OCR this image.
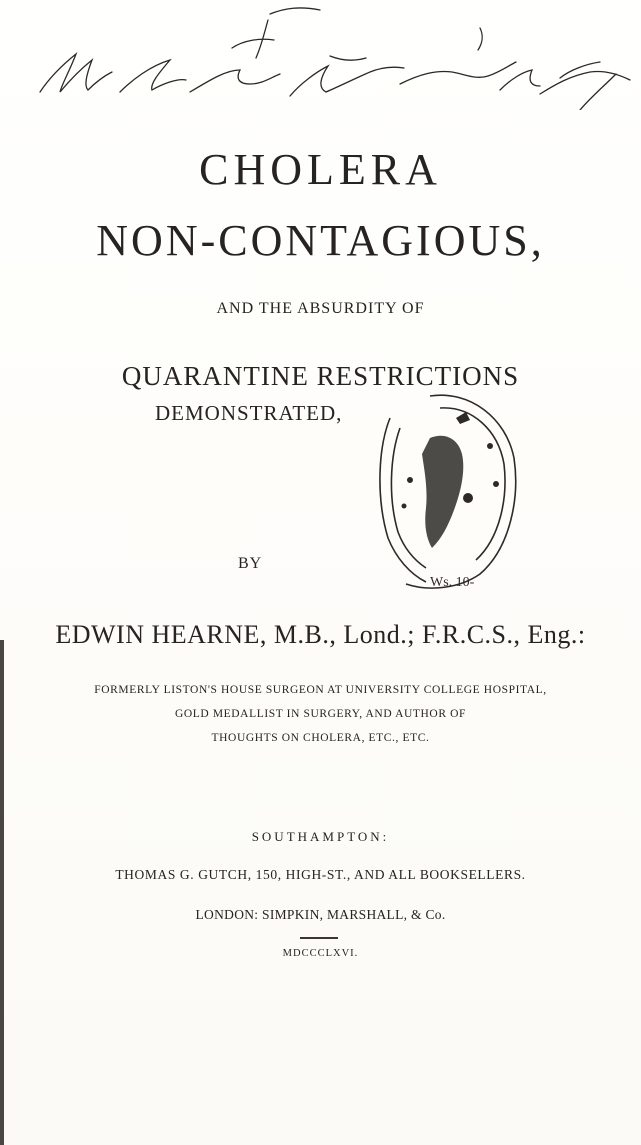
CHOLERA
NON-CONTAGIOUS,
AND THE ABSURDITY OF
QUARANTINE RESTRICTIONS
DEMONSTRATED,
Ws. 10-
BY
EDWIN HEARNE, M.B., Lond.; F.R.C.S., Eng.:
FORMERLY LISTON'S HOUSE SURGEON AT UNIVERSITY COLLEGE HOSPITAL,
GOLD MEDALLIST IN SURGERY, AND AUTHOR OF
THOUGHTS ON CHOLERA, ETC., ETC.
SOUTHAMPTON:
THOMAS G. GUTCH, 150, HIGH-ST., AND ALL BOOKSELLERS.
LONDON: SIMPKIN, MARSHALL, & Co.
MDCCCLXVI.
